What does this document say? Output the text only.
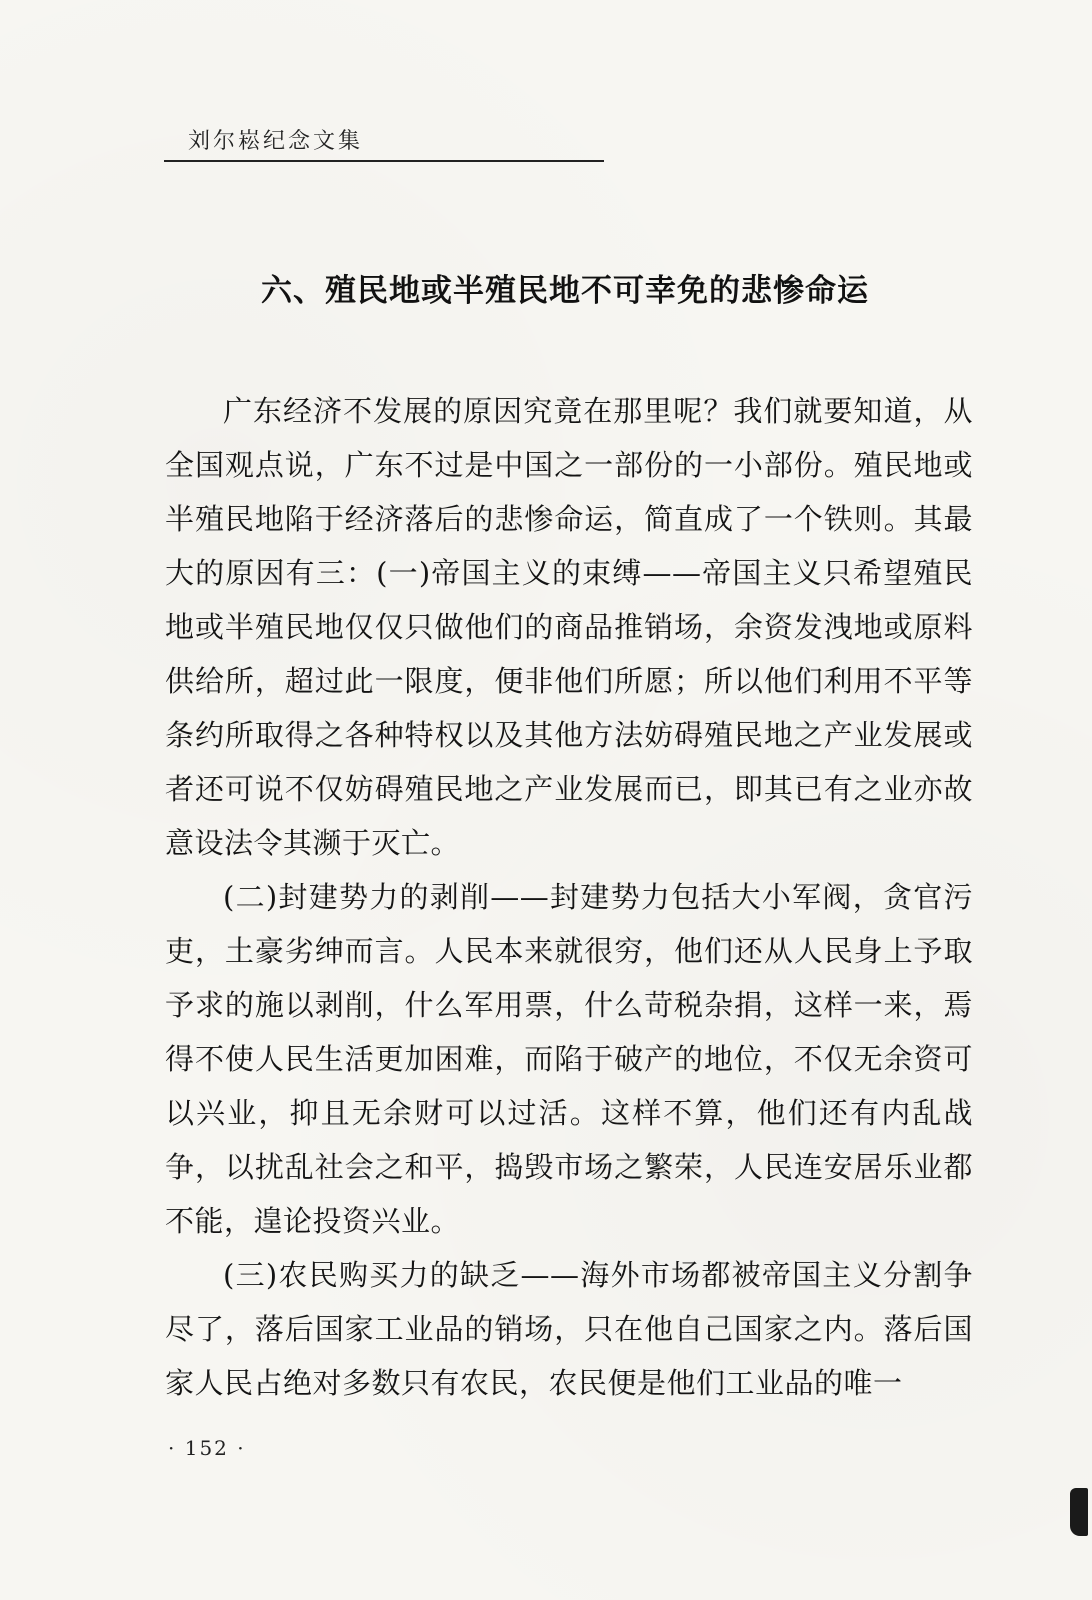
刘尔崧纪念文集
六、殖民地或半殖民地不可幸免的悲惨命运

广东经济不发展的原因究竟在那里呢？我们就要知道，从全国观点说，广东不过是中国之一部份的一小部份。殖民地或半殖民地陷于经济落后的悲惨命运，简直成了一个铁则。其最大的原因有三：(一)帝国主义的束缚——帝国主义只希望殖民地或半殖民地仅仅只做他们的商品推销场，余资发洩地或原料供给所，超过此一限度，便非他们所愿；所以他们利用不平等条约所取得之各种特权以及其他方法妨碍殖民地之产业发展或者还可说不仅妨碍殖民地之产业发展而已，即其已有之业亦故意设法令其濒于灭亡。

(二)封建势力的剥削——封建势力包括大小军阀，贪官污吏，土豪劣绅而言。人民本来就很穷，他们还从人民身上予取予求的施以剥削，什么军用票，什么苛税杂捐，这样一来，焉得不使人民生活更加困难，而陷于破产的地位，不仅无余资可以兴业，抑且无余财可以过活。这样不算，他们还有内乱战争，以扰乱社会之和平，捣毁市场之繁荣，人民连安居乐业都不能，遑论投资兴业。

(三)农民购买力的缺乏——海外市场都被帝国主义分割争尽了，落后国家工业品的销场，只在他自己国家之内。落后国家人民占绝对多数只有农民，农民便是他们工业品的唯一

· 152 ·
